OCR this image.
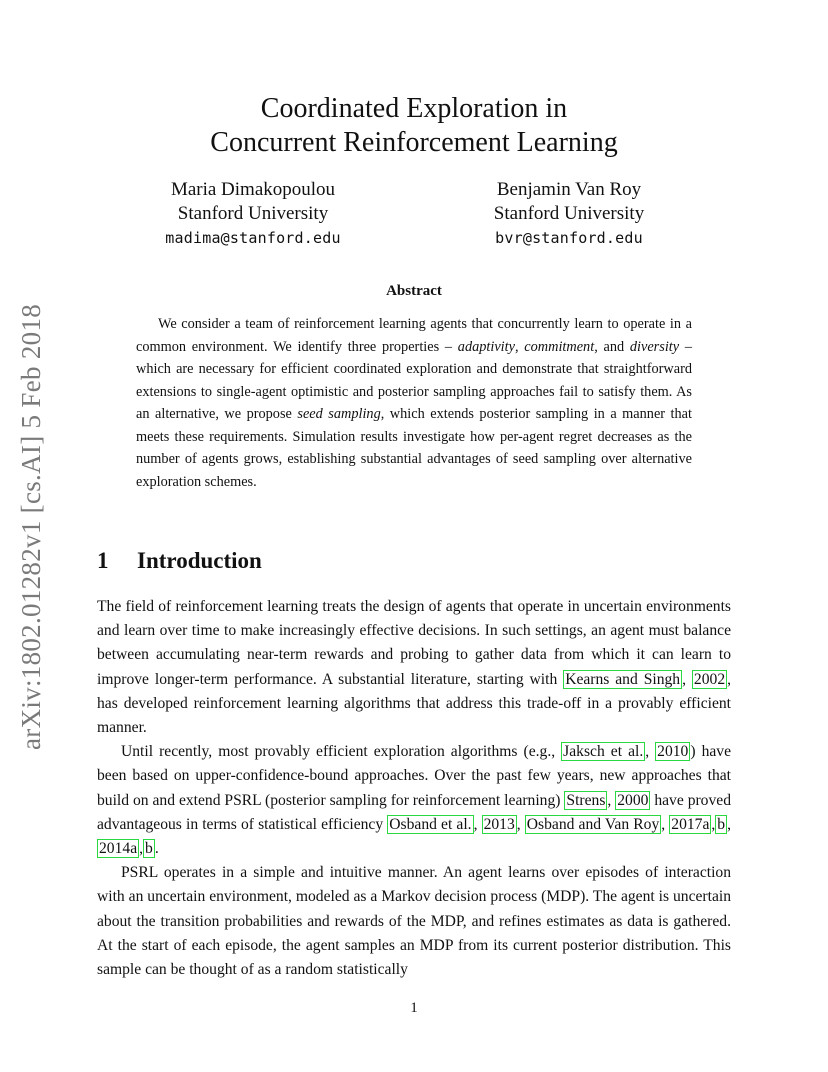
arXiv:1802.01282v1 [cs.AI] 5 Feb 2018
Coordinated Exploration in
Concurrent Reinforcement Learning
Maria Dimakopoulou
Stanford University
madima@stanford.edu
Benjamin Van Roy
Stanford University
bvr@stanford.edu
Abstract

We consider a team of reinforcement learning agents that concurrently learn to operate in a common environment. We identify three properties – adaptivity, commitment, and diversity – which are necessary for efficient coordinated exploration and demonstrate that straightforward extensions to single-agent optimistic and posterior sampling approaches fail to satisfy them. As an alternative, we propose seed sampling, which extends posterior sampling in a manner that meets these requirements. Simulation results investigate how per-agent regret decreases as the number of agents grows, establishing substantial advantages of seed sampling over alternative exploration schemes.

1 Introduction

The field of reinforcement learning treats the design of agents that operate in uncertain environments and learn over time to make increasingly effective decisions. In such settings, an agent must balance between accumulating near-term rewards and probing to gather data from which it can learn to improve longer-term performance. A substantial literature, starting with Kearns and Singh , 2002 , has developed reinforcement learning algorithms that address this trade-off in a provably efficient manner.

Until recently, most provably efficient exploration algorithms (e.g., Jaksch et al. , 2010 ) have been based on upper-confidence-bound approaches. Over the past few years, new approaches that build on and extend PSRL (posterior sampling for reinforcement learning) Strens , 2000 have proved advantageous in terms of statistical efficiency Osband et al. , 2013 , Osband and Van Roy , 2017a , b , 2014a , b .

PSRL operates in a simple and intuitive manner. An agent learns over episodes of interaction with an uncertain environment, modeled as a Markov decision process (MDP). The agent is uncertain about the transition probabilities and rewards of the MDP, and refines estimates as data is gathered. At the start of each episode, the agent samples an MDP from its current posterior distribution. This sample can be thought of as a random statistically

1
